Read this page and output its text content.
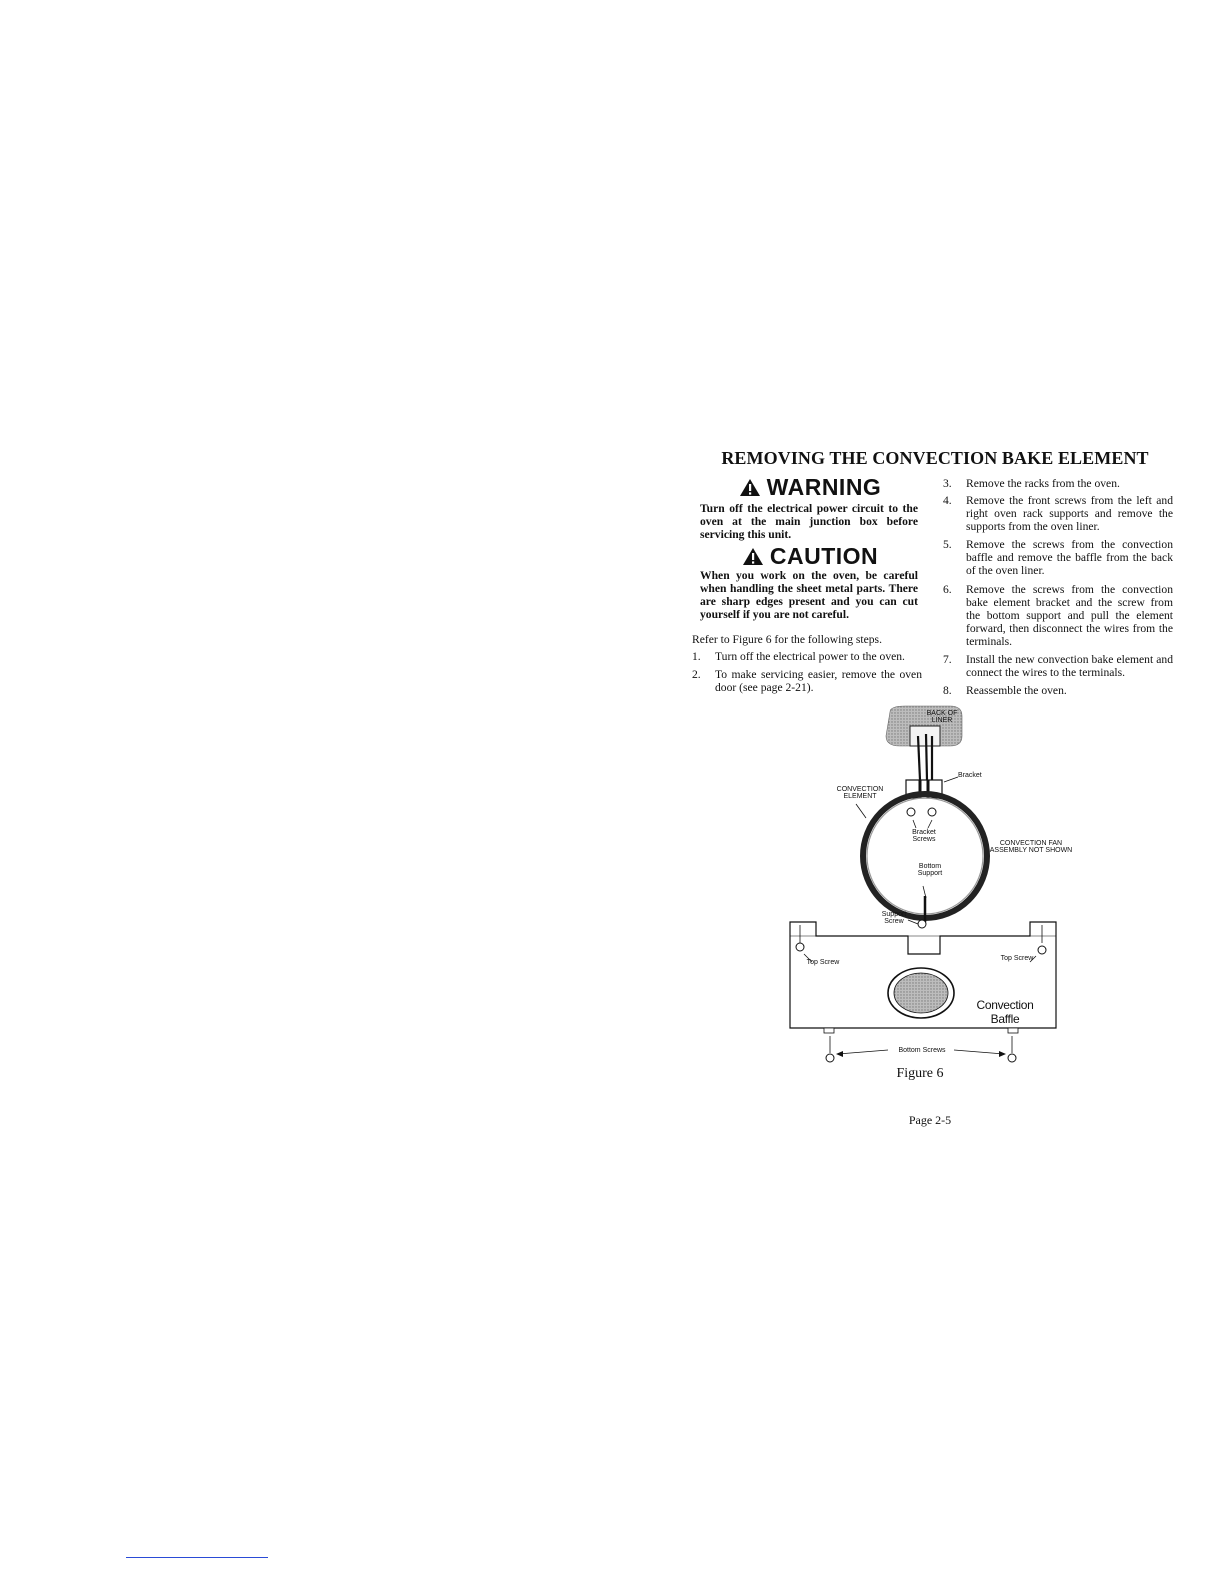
REMOVING THE CONVECTION BAKE ELEMENT
WARNING
Turn off the electrical power circuit to the oven at the main junction box before servicing this unit.
CAUTION
When you work on the oven, be careful when handling the sheet metal parts. There are sharp edges present and you can cut yourself if you are not careful.
Refer to Figure 6 for the following steps.
1. Turn off the electrical power to the oven.
2. To make servicing easier, remove the oven door (see page 2-21).
3. Remove the racks from the oven.
4. Remove the front screws from the left and right oven rack supports and remove the supports from the oven liner.
5. Remove the screws from the convection baffle and remove the baffle from the back of the oven liner.
6. Remove the screws from the convection bake element bracket and the screw from the bottom support and pull the element forward, then disconnect the wires from the terminals.
7. Install the new convection bake element and connect the wires to the terminals.
8. Reassemble the oven.
BACK OF LINER
Bracket
CONVECTION ELEMENT
Bracket Screws
CONVECTION FAN ASSEMBLY NOT SHOWN
Bottom Support
Support Screw
Top Screw
Top Screw
Convection Baffle
Bottom Screws
Figure 6
Page 2-5
